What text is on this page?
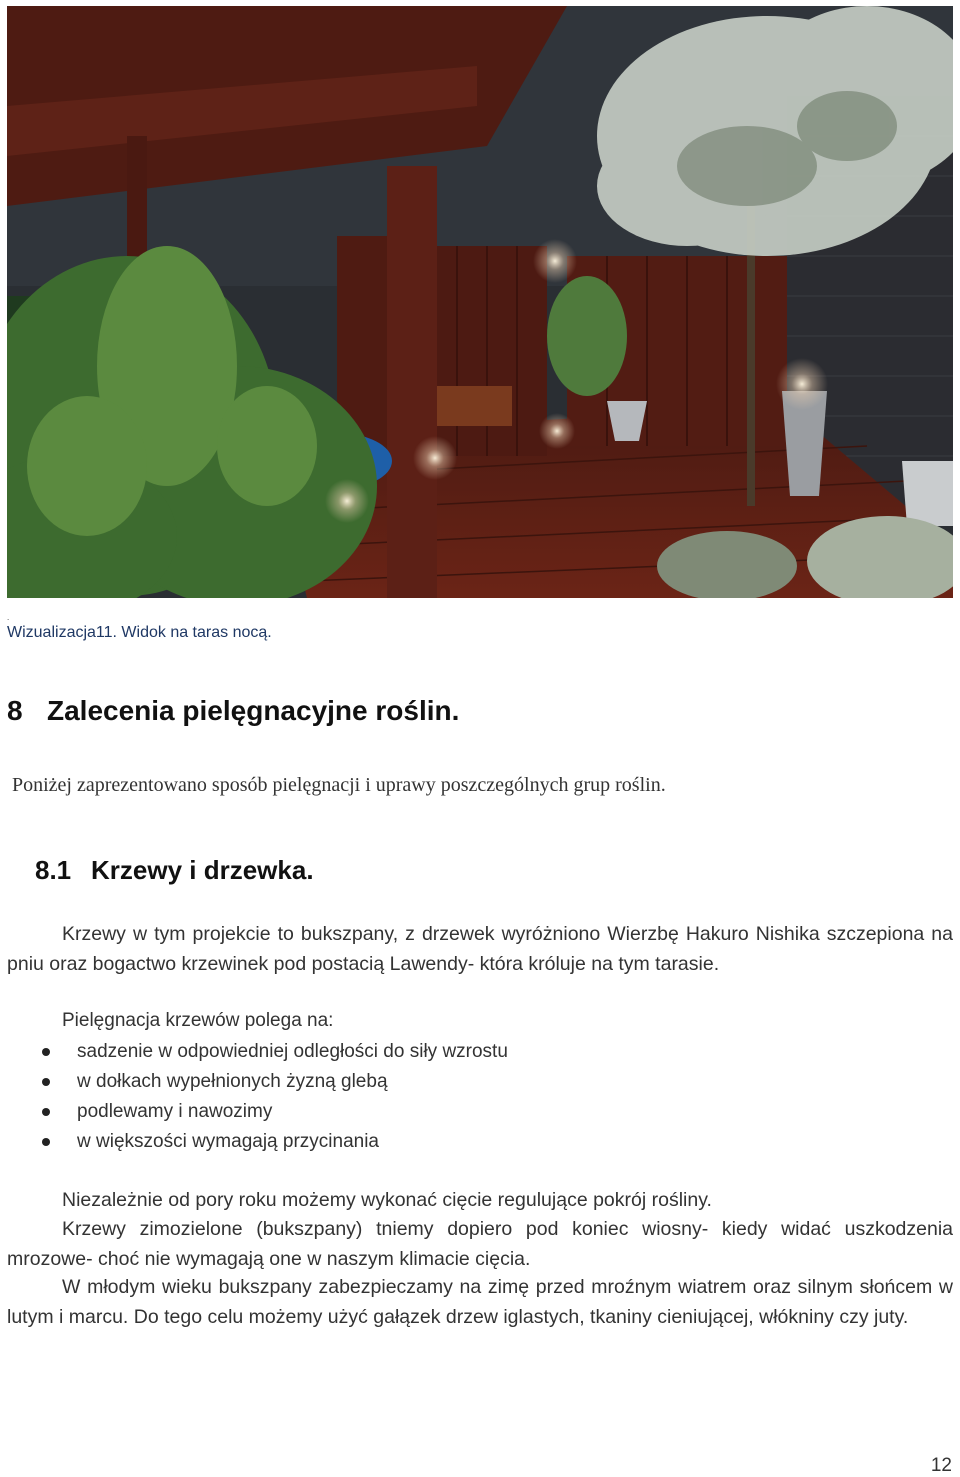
.
Wizualizacja11. Widok na taras nocą.
8 Zalecenia pielęgnacyjne roślin.
Poniżej zaprezentowano sposób pielęgnacji i uprawy poszczególnych grup roślin.
8.1 Krzewy i drzewka.
Krzewy w tym projekcie to bukszpany, z drzewek wyróżniono Wierzbę Hakuro Nishika szczepiona na pniu oraz bogactwo krzewinek pod postacią Lawendy- która króluje na tym tarasie.
Pielęgnacja krzewów polega na:
sadzenie w odpowiedniej odległości do siły wzrostu
w dołkach wypełnionych żyzną glebą
podlewamy i nawozimy
w większości wymagają przycinania
Niezależnie od pory roku możemy wykonać cięcie regulujące pokrój rośliny.
Krzewy zimozielone (bukszpany) tniemy dopiero pod koniec wiosny- kiedy widać uszkodzenia mrozowe- choć nie wymagają one w naszym klimacie cięcia.
W młodym wieku bukszpany zabezpieczamy na zimę przed mroźnym wiatrem oraz silnym słońcem w lutym i marcu. Do tego celu możemy użyć gałązek drzew iglastych, tkaniny cieniującej, włókniny czy juty.
12
